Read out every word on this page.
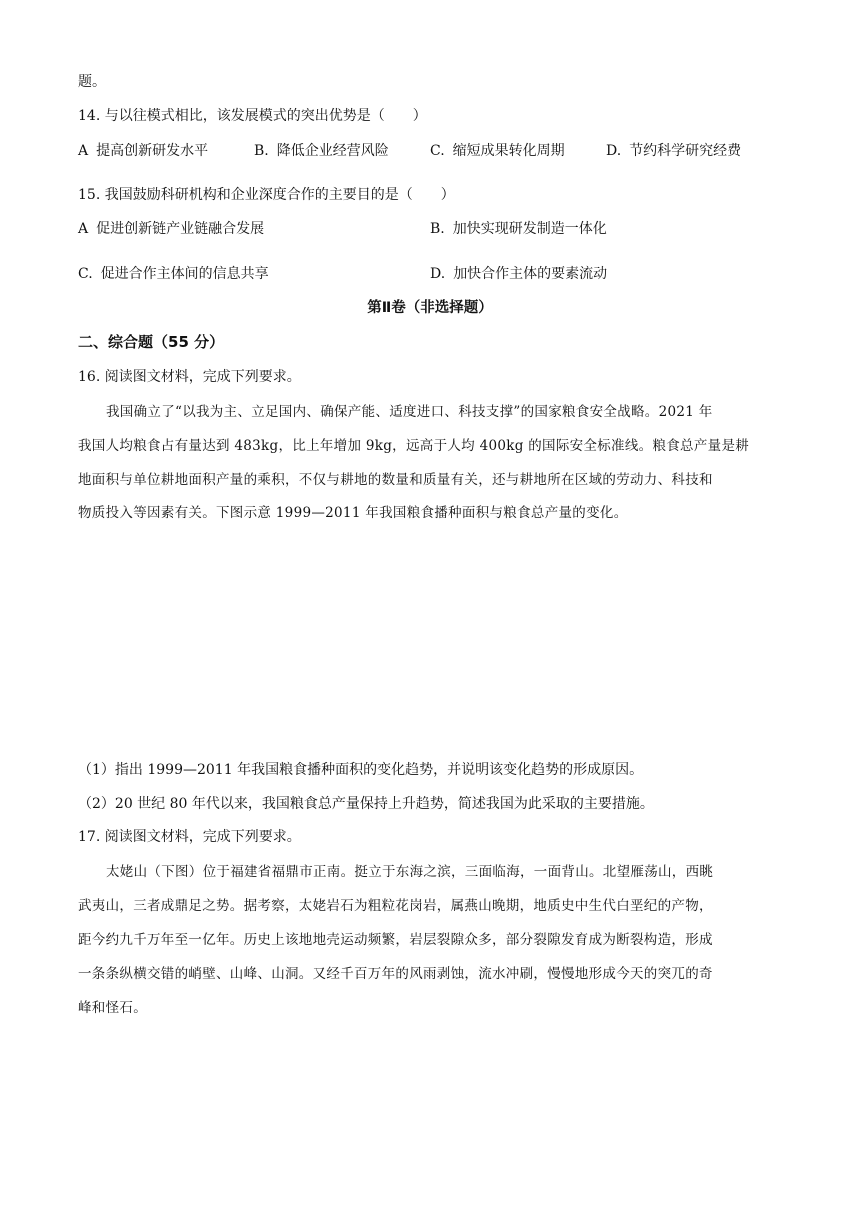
题。
14. 与以往模式相比，该发展模式的突出优势是（　　）
A 提高创新研发水平	B. 降低企业经营风险	C. 缩短成果转化周期	D. 节约科学研究经费
15. 我国鼓励科研机构和企业深度合作的主要目的是（　　）
A 促进创新链产业链融合发展	B. 加快实现研发制造一体化
C. 促进合作主体间的信息共享	D. 加快合作主体的要素流动
第Ⅱ卷（非选择题）
二、综合题（55 分）
16. 阅读图文材料，完成下列要求。
我国确立了“以我为主、立足国内、确保产能、适度进口、科技支撑”的国家粮食安全战略。2021 年
我国人均粮食占有量达到 483kg，比上年增加 9kg，远高于人均 400kg 的国际安全标准线。粮食总产量是耕
地面积与单位耕地面积产量的乘积，不仅与耕地的数量和质量有关，还与耕地所在区域的劳动力、科技和
物质投入等因素有关。下图示意 1999—2011 年我国粮食播种面积与粮食总产量的变化。
（1）指出 1999—2011 年我国粮食播种面积的变化趋势，并说明该变化趋势的形成原因。
（2）20 世纪 80 年代以来，我国粮食总产量保持上升趋势，简述我国为此采取的主要措施。
17. 阅读图文材料，完成下列要求。
太姥山（下图）位于福建省福鼎市正南。挺立于东海之滨，三面临海，一面背山。北望雁荡山，西眺
武夷山，三者成鼎足之势。据考察，太姥岩石为粗粒花岗岩，属燕山晚期，地质史中生代白垩纪的产物，
距今约九千万年至一亿年。历史上该地地壳运动频繁，岩层裂隙众多，部分裂隙发育成为断裂构造，形成
一条条纵横交错的峭壁、山峰、山洞。又经千百万年的风雨剥蚀，流水冲刷，慢慢地形成今天的突兀的奇
峰和怪石。
